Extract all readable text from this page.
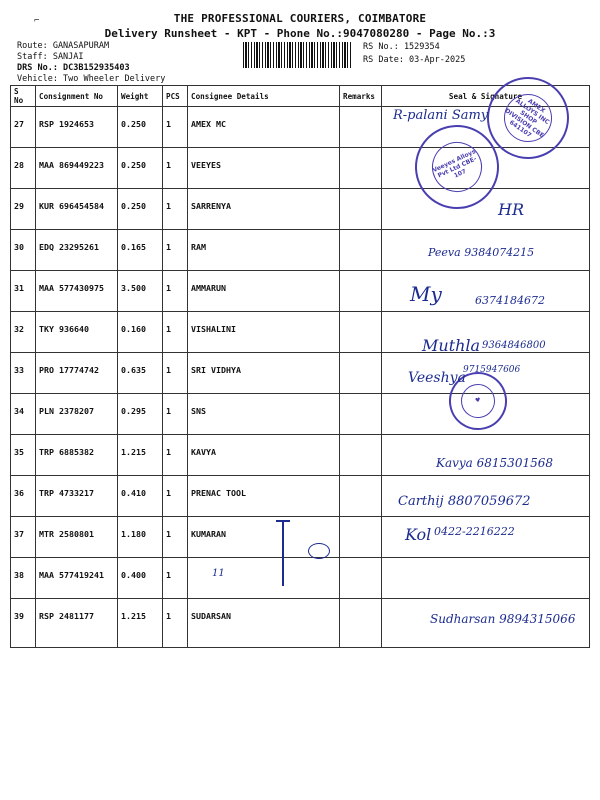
⌐	THE PROFESSIONAL COURIERS, COIMBATORE
Delivery Runsheet - KPT - Phone No.:9047080280 - Page No.:3
Route: GANASAPURAM
Staff: SANJAI
DRS No.: DC3B152935403
Vehicle: Two Wheeler Delivery
RS No.: 1529354
RS Date: 03-Apr-2025
S No	Consignment No	Weight	PCS	Consignee Details	Remarks	Seal & Signature

27	RSP 1924653	0.250	1	AMEX MC		

28	MAA 869449223	0.250	1	VEEYES		

29	KUR 696454584	0.250	1	SARRENYA		

30	EDQ 23295261	0.165	1	RAM		

31	MAA 577430975	3.500	1	AMMARUN		

32	TKY 936640	0.160	1	VISHALINI		

33	PRO 17774742	0.635	1	SRI VIDHYA		

34	PLN 2378207	0.295	1	SNS		

35	TRP 6885382	1.215	1	KAVYA		

36	TRP 4733217	0.410	1	PRENAC TOOL		

37	MTR 2580801	1.180	1	KUMARAN		

38	MAA 577419241	0.400	1			

39	RSP 2481177	1.215	1	SUDARSAN		

AMEX ALLOYS INC SHOP DIVISION CBE 641107
Veeyes Alloys Pvt Ltd CBE-107
♥
R-palani Samy
HR
Peeva 9384074215
My	6374184672
Muthla 9364846800
Veeshya
9715947606
Kavya 6815301568
Carthij 8807059672
Kol 0422-2216222
Sudharsan 9894315066
11
